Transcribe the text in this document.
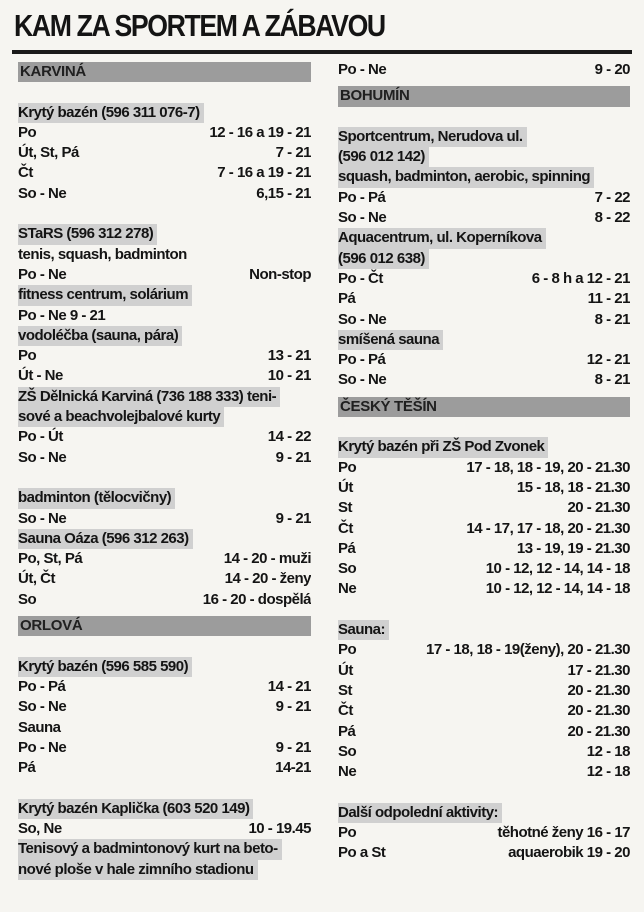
KAM ZA SPORTEM A ZÁBAVOU
KARVINÁ
Krytý bazén (596 311 076-7)
Po	12 - 16 a 19 - 21
Út, St, Pá	7 - 21
Čt	7 - 16 a 19 - 21
So - Ne	6,15 - 21
STaRS (596 312 278)
tenis, squash, badminton
Po - Ne	Non-stop
fitness centrum, solárium
Po - Ne 9 - 21
vodoléčba (sauna, pára)
Po	13 - 21
Út - Ne	10 - 21
ZŠ Dělnická Karviná (736 188 333) teni-
sové a beachvolejbalové kurty
Po - Út	14 - 22
So - Ne	9 - 21
badminton (tělocvičny)
So - Ne	9 - 21
Sauna Oáza (596 312 263)
Po, St, Pá	14 - 20 - muži
Út, Čt	14 - 20 - ženy
So	16 - 20 - dospělá
ORLOVÁ
Krytý bazén (596 585 590)
Po - Pá	14 - 21
So - Ne	9 - 21
Sauna
Po - Ne	9 - 21
Pá	14-21
Krytý bazén Kaplička (603 520 149)
So, Ne	10 - 19.45
Tenisový a badmintonový kurt na beto-
nové ploše v hale zimního stadionu
Po - Ne	9 - 20
BOHUMÍN
Sportcentrum, Nerudova ul.
(596 012 142)
squash, badminton, aerobic, spinning
Po - Pá	7 - 22
So - Ne	8 - 22
Aquacentrum, ul. Koperníkova
(596 012 638)
Po - Čt	6 - 8 h a 12 - 21
Pá	11 - 21
So - Ne	8 - 21
smíšená sauna
Po - Pá	12 - 21
So - Ne	8 - 21
ČESKÝ TĚŠÍN
Krytý bazén při ZŠ Pod Zvonek
Po	17 - 18, 18 - 19, 20 - 21.30
Út	15 - 18, 18 - 21.30
St	20 - 21.30
Čt	14 - 17, 17 - 18, 20 - 21.30
Pá	13 - 19, 19 - 21.30
So	10 - 12, 12 - 14, 14 - 18
Ne	10 - 12, 12 - 14, 14 - 18
Sauna:
Po	17 - 18, 18 - 19(ženy), 20 - 21.30
Út	17 - 21.30
St	20 - 21.30
Čt	20 - 21.30
Pá	20 - 21.30
So	12 - 18
Ne	12 - 18
Další odpolední aktivity:
Po	těhotné ženy 16 - 17
Po a St	aquaerobik 19 - 20
